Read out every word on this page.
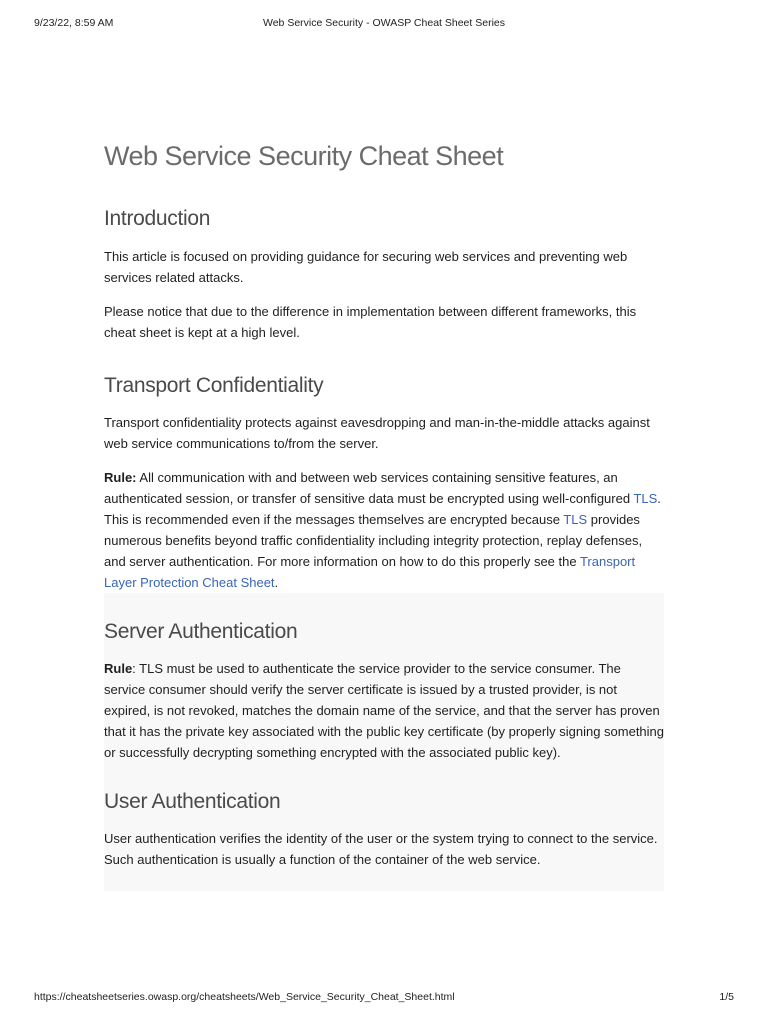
9/23/22, 8:59 AM	Web Service Security - OWASP Cheat Sheet Series
Web Service Security Cheat Sheet
Introduction

This article is focused on providing guidance for securing web services and preventing web services related attacks.

Please notice that due to the difference in implementation between different frameworks, this cheat sheet is kept at a high level.

Transport Confidentiality

Transport confidentiality protects against eavesdropping and man-in-the-middle attacks against web service communications to/from the server.

Rule: All communication with and between web services containing sensitive features, an authenticated session, or transfer of sensitive data must be encrypted using well-configured TLS. This is recommended even if the messages themselves are encrypted because TLS provides numerous benefits beyond traffic confidentiality including integrity protection, replay defenses, and server authentication. For more information on how to do this properly see the Transport Layer Protection Cheat Sheet.

Server Authentication

Rule: TLS must be used to authenticate the service provider to the service consumer. The service consumer should verify the server certificate is issued by a trusted provider, is not expired, is not revoked, matches the domain name of the service, and that the server has proven that it has the private key associated with the public key certificate (by properly signing something or successfully decrypting something encrypted with the associated public key).

User Authentication

User authentication verifies the identity of the user or the system trying to connect to the service. Such authentication is usually a function of the container of the web service.

https://cheatsheetseries.owasp.org/cheatsheets/Web_Service_Security_Cheat_Sheet.html	1/5
